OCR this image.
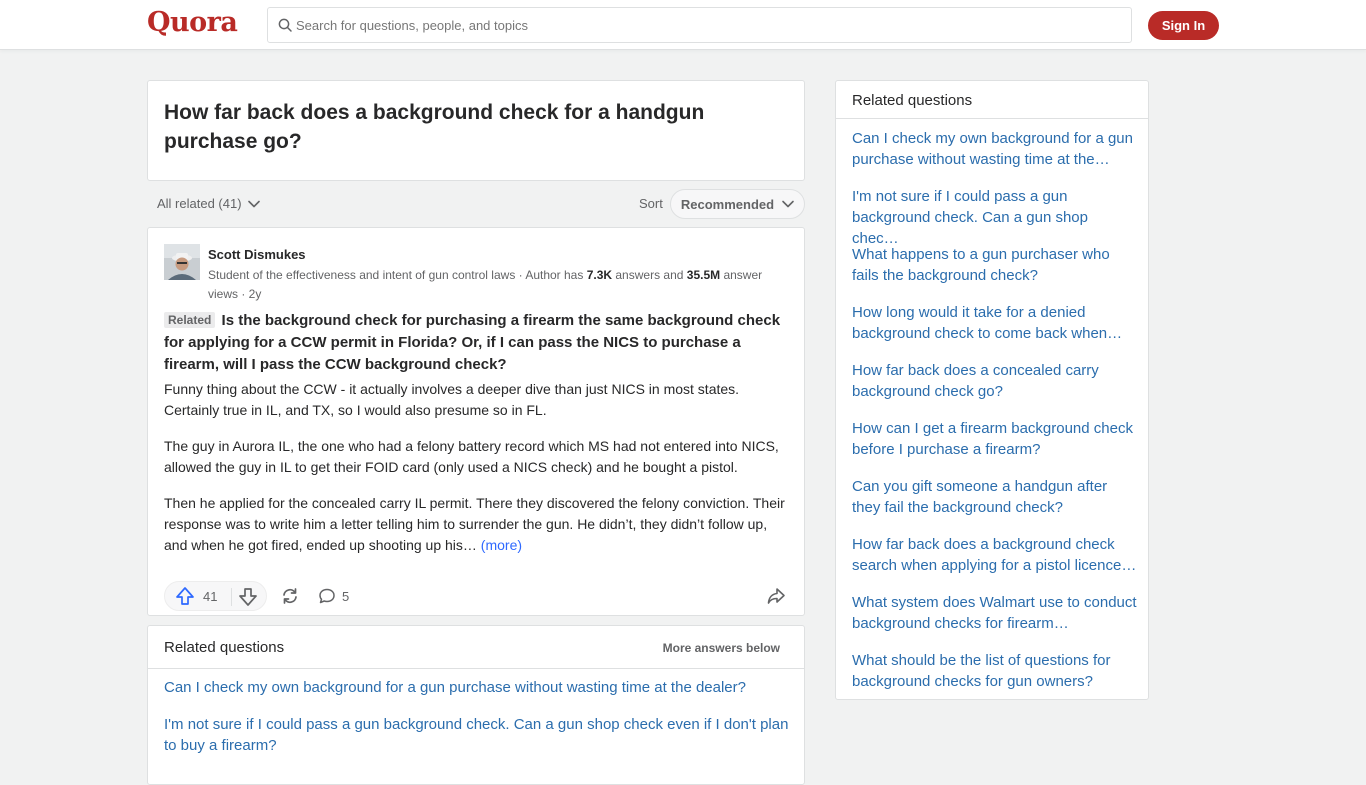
Quora
Search for questions, people, and topics	Sign In
How far back does a background check for a handgun purchase go?
All related (41)	Sort Recommended
Scott Dismukes
Student of the effectiveness and intent of gun control laws · Author has 7.3K answers and 35.5M answer views · 2y
Related Is the background check for purchasing a firearm the same background check for applying for a CCW permit in Florida? Or, if I can pass the NICS to purchase a firearm, will I pass the CCW background check?

Funny thing about the CCW - it actually involves a deeper dive than just NICS in most states. Certainly true in IL, and TX, so I would also presume so in FL.

The guy in Aurora IL, the one who had a felony battery record which MS had not entered into NICS, allowed the guy in IL to get their FOID card (only used a NICS check) and he bought a pistol.

Then he applied for the concealed carry IL permit. There they discovered the felony conviction. Their response was to write him a letter telling him to surrender the gun. He didn’t, they didn’t follow up, and when he got fired, ended up shooting up his… (more)

41	5
Related questions	More answers below
Can I check my own background for a gun purchase without wasting time at the dealer?
I'm not sure if I could pass a gun background check. Can a gun shop check even if I don't plan to buy a firearm?
Related questions
Can I check my own background for a gun purchase without wasting time at the…
I'm not sure if I could pass a gun background check. Can a gun shop chec…
What happens to a gun purchaser who fails the background check?
How long would it take for a denied background check to come back when…
How far back does a concealed carry background check go?
How can I get a firearm background check before I purchase a firearm?
Can you gift someone a handgun after they fail the background check?
How far back does a background check search when applying for a pistol licence…
What system does Walmart use to conduct background checks for firearm…
What should be the list of questions for background checks for gun owners?
